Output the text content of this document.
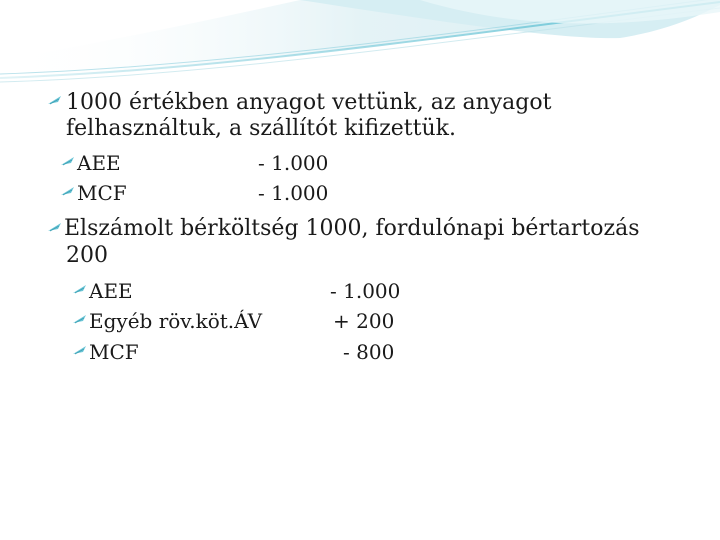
1000 értékben anyagot vettünk, az anyagot
felhasználtuk, a szállítót kifizettük.
AEE	- 1.000
MCF	- 1.000
Elszámolt bérköltség 1000, fordulónapi bértartozás
200
AEE	- 1.000
Egyéb röv.köt.ÁV	+ 200
MCF	- 800
